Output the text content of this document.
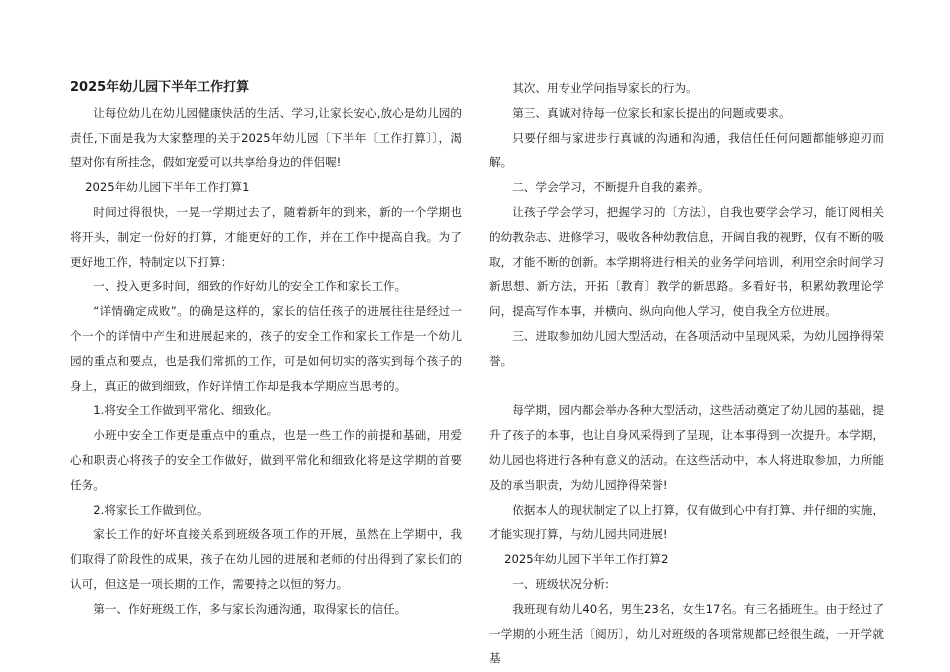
2025年幼儿园下半年工作打算

让每位幼儿在幼儿园健康快活的生活、学习,让家长安心,放心是幼儿园的责任,下面是我为大家整理的关于2025年幼儿园〔下半年〔工作打算〕〕，渴望对你有所挂念，假如宠爱可以共享给身边的伴侣喔!

2025年幼儿园下半年工作打算1

时间过得很快，一晃一学期过去了，随着新年的到来，新的一个学期也将开头，制定一份好的打算，才能更好的工作，并在工作中提高自我。为了更好地工作，特制定以下打算：

一、投入更多时间，细致的作好幼儿的安全工作和家长工作。

“详情确定成败”。的确是这样的，家长的信任孩子的进展往往是经过一个一个的详情中产生和进展起来的，孩子的安全工作和家长工作是一个幼儿园的重点和要点，也是我们常抓的工作，可是如何切实的落实到每个孩子的身上，真正的做到细致，作好详情工作却是我本学期应当思考的。

1.将安全工作做到平常化、细致化。

小班中安全工作更是重点中的重点，也是一些工作的前提和基础，用爱心和职责心将孩子的安全工作做好，做到平常化和细致化将是这学期的首要任务。

2.将家长工作做到位。

家长工作的好坏直接关系到班级各项工作的开展，虽然在上学期中，我们取得了阶段性的成果，孩子在幼儿园的进展和老师的付出得到了家长们的认可，但这是一项长期的工作，需要持之以恒的努力。

第一、作好班级工作，多与家长沟通沟通，取得家长的信任。

其次、用专业学问指导家长的行为。

第三、真诚对待每一位家长和家长提出的问题或要求。

只要仔细与家进步行真诚的沟通和沟通，我信任任何问题都能够迎刃而解。

二、学会学习，不断提升自我的素养。

让孩子学会学习，把握学习的〔方法〕，自我也要学会学习，能订阅相关的幼教杂志、进修学习，吸收各种幼教信息，开阔自我的视野，仅有不断的吸取，才能不断的创新。本学期将进行相关的业务学问培训，利用空余时间学习新思想、新方法，开拓〔教育〕教学的新思路。多看好书，积累幼教理论学问，提高写作本事，并横向、纵向向他人学习，使自我全方位进展。

三、进取参加幼儿园大型活动，在各项活动中呈现风采，为幼儿园挣得荣誉。

每学期，园内都会举办各种大型活动，这些活动奠定了幼儿园的基础，提升了孩子的本事，也让自身风采得到了呈现，让本事得到一次提升。本学期，幼儿园也将进行各种有意义的活动。在这些活动中，本人将进取参加，力所能及的承当职责，为幼儿园挣得荣誉!

依据本人的现状制定了以上打算，仅有做到心中有打算、并仔细的实施，才能实现打算，与幼儿园共同进展!

2025年幼儿园下半年工作打算2

一、班级状况分析:

我班现有幼儿40名，男生23名，女生17名。有三名插班生。由于经过了一学期的小班生活〔阅历〕，幼儿对班级的各项常规都已经很生疏，一开学就基
